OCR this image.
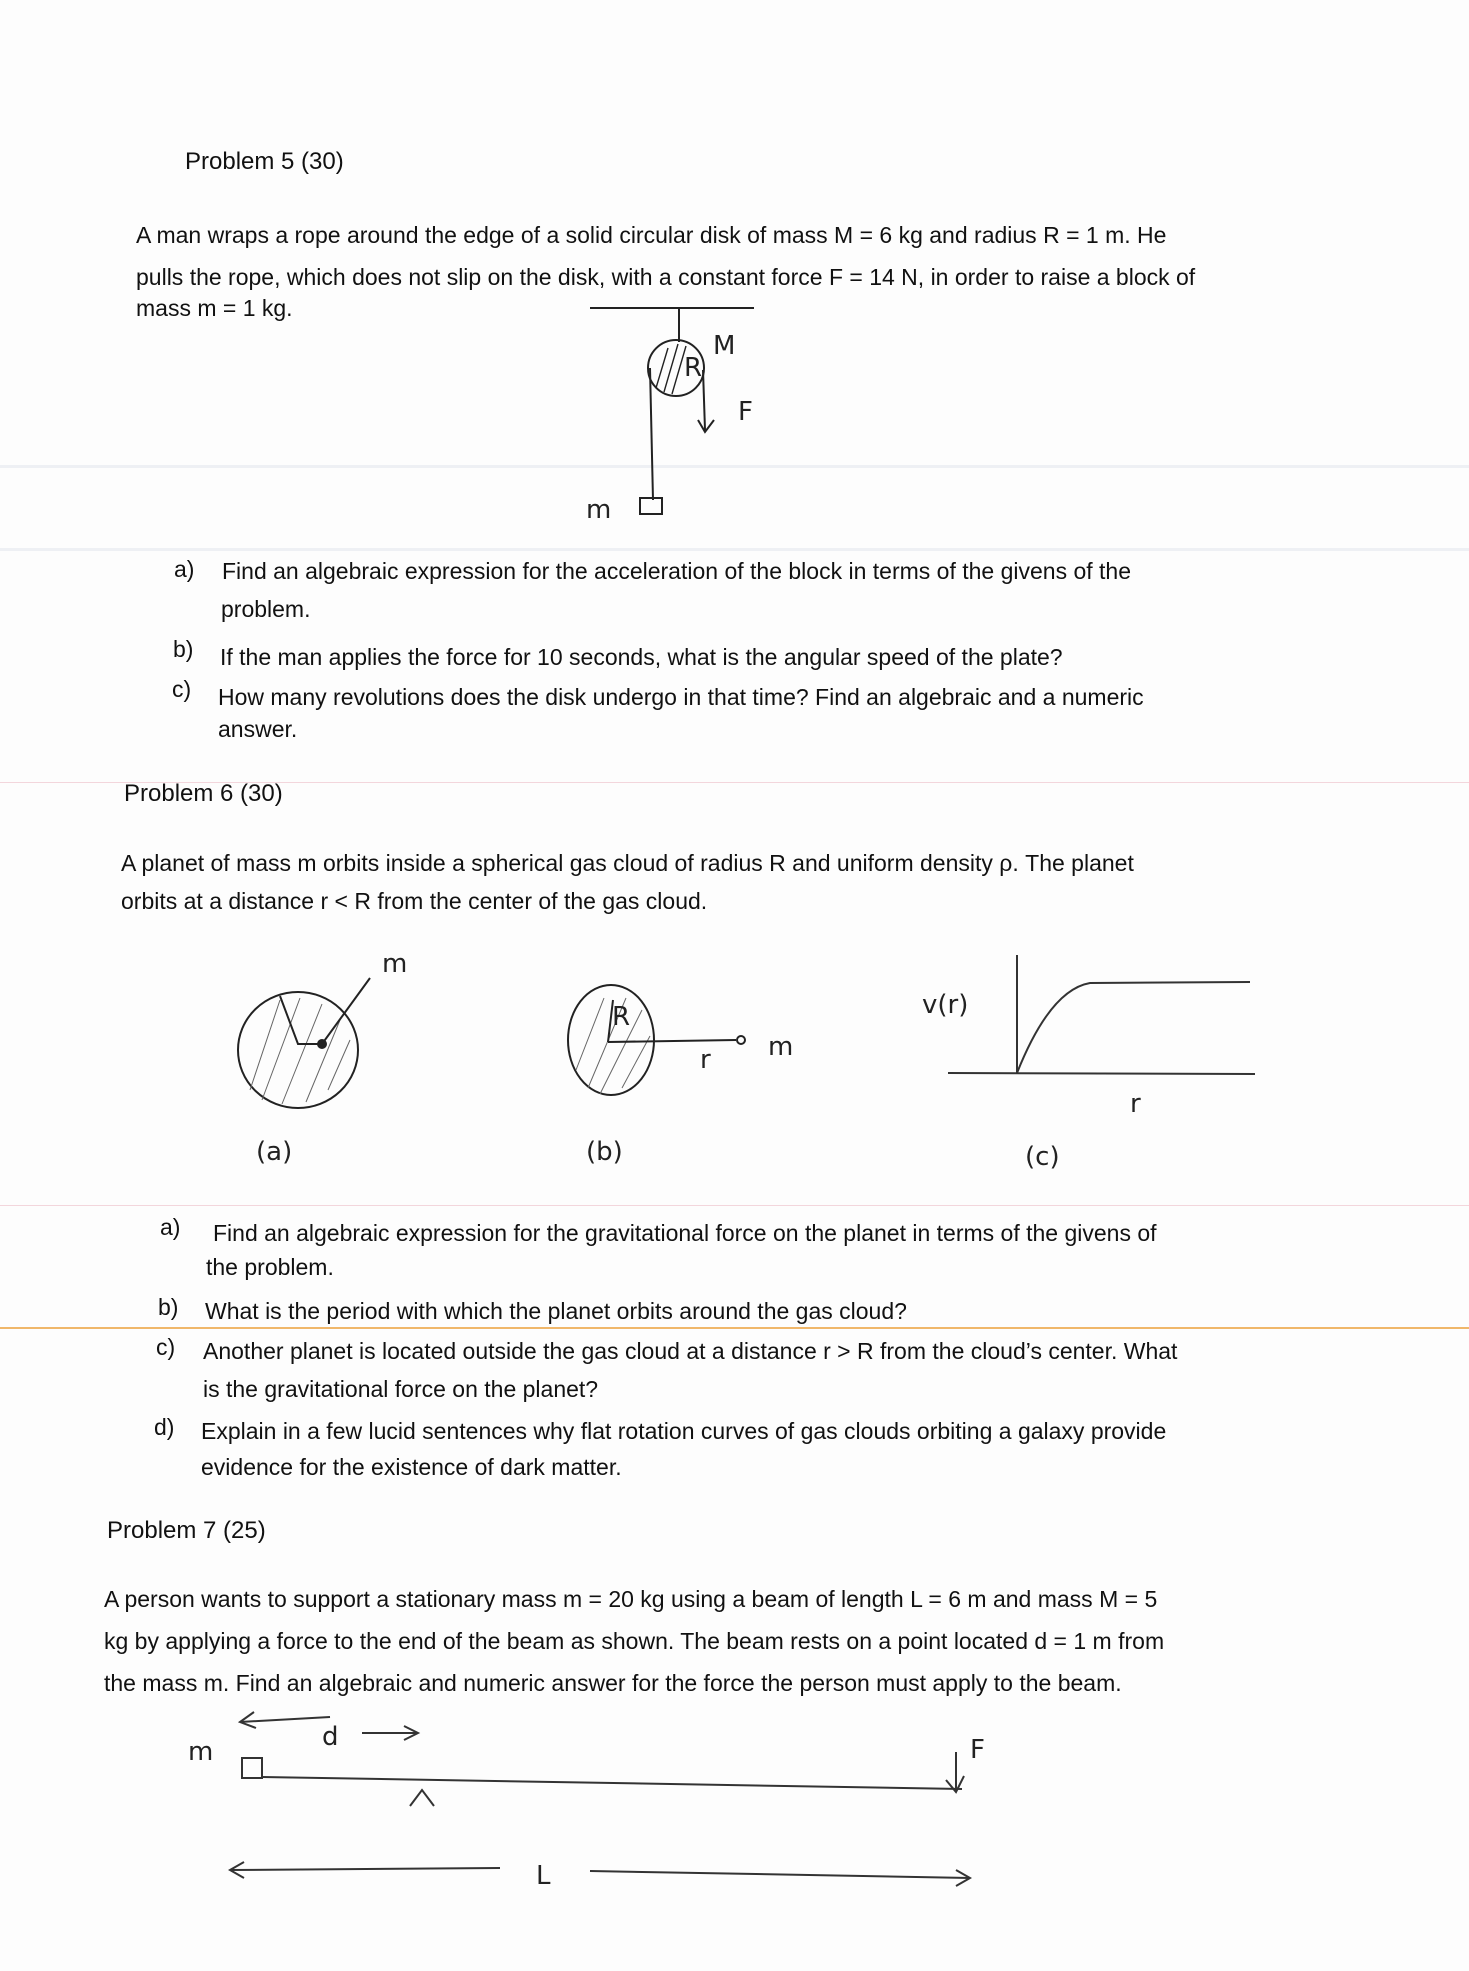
Problem 5 (30)
A man wraps a rope around the edge of a solid circular disk of mass M = 6 kg and radius R = 1 m. He
pulls the rope, which does not slip on the disk, with a constant force F = 14 N, in order to raise a block of
mass m = 1 kg.
R
M
F
m
m
(a)
R
r m
(b)
v(r)
r
(c)
m	d	F
L
a) Find an algebraic expression for the acceleration of the block in terms of the givens of the
problem.
b) If the man applies the force for 10 seconds, what is the angular speed of the plate?
c) How many revolutions does the disk undergo in that time? Find an algebraic and a numeric
answer.
Problem 6 (30)
A planet of mass m orbits inside a spherical gas cloud of radius R and uniform density ρ. The planet
orbits at a distance r < R from the center of the gas cloud.
a) Find an algebraic expression for the gravitational force on the planet in terms of the givens of
the problem.
b) What is the period with which the planet orbits around the gas cloud?
c) Another planet is located outside the gas cloud at a distance r > R from the cloud’s center. What
is the gravitational force on the planet?
d) Explain in a few lucid sentences why flat rotation curves of gas clouds orbiting a galaxy provide
evidence for the existence of dark matter.
Problem 7 (25)
A person wants to support a stationary mass m = 20 kg using a beam of length L = 6 m and mass M = 5
kg by applying a force to the end of the beam as shown. The beam rests on a point located d = 1 m from
the mass m. Find an algebraic and numeric answer for the force the person must apply to the beam.
